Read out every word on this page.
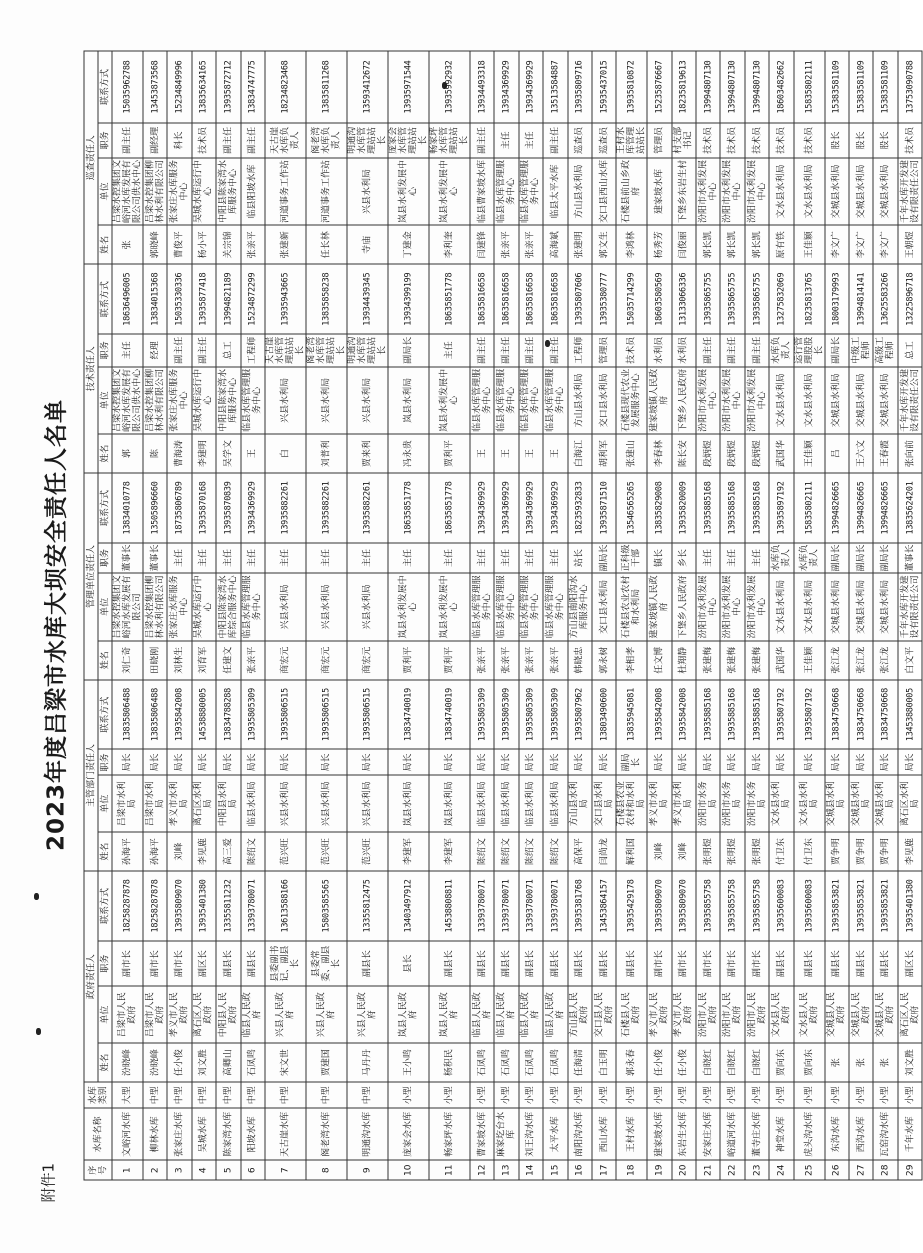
附件1
2023年度吕梁市水库大坝安全责任人名单
序号	水库名称	水库类别	政府责任人				主管部门责任人				管理单位责任人				技术责任人				巡查责任人			
			姓名	单位	职务	联系方式	姓名	单位	职务	联系方式	姓名	单位	职务	联系方式	姓名	单位	职务	联系方式	姓名	单位	职务	联系方式
1	文峪河水库	大型	汾晓峰	吕梁市人民政府	副市长	18258287878	孙海平	吕梁市水利局	局长	13835806488	刘仁奇	吕梁水控集团文峪河水库发展有限公司	董事长	13834010778	郭	吕梁水控集团文峪河水库发展有限公司供水中心	主任	18636496005	张	吕梁水控集团文峪河水库发展有限公司供水中心	副主任	15035962788
2	柳林水库	中型	汾晓峰	吕梁市人民政府	副市长	18258287878	孙海平	吕梁市水利局	局长	13835806488	田晓刚	吕梁水控集团柳林水利有限公司	董事长	13505896660	陈	吕梁水控集团柳林水利有限公司	经理	13834015368	郭晓峰	吕梁水控集团柳林水利有限公司	副经理	13453873568
3	张家庄水库	中型	任小俊	孝义市人民政府	副市长	13935809070	刘峰	孝义市水利局	局长	13935842008	刘林生	张家庄水库服务中心	主任	18735806789	曹海涛	张家庄水库服务中心	副主任	15035330336	曹俊平	张家庄水库服务中心	科长	15234849996
4	吴城水库	中型	刘文胜	离石区人民政府	副区长	13935401380	李见鹿	离石区水利局	局长	14538880005	刘育军	吴城水库运行中心	主任	13935870168	李建明	吴城水库运行中心	副主任	13935877418	杨小平	吴城水库运行中心	技术员	13835634165
5	陈家湾水库	中型	高卿山	中阳县人民政府	副县长	13355811232	高三爱	中阳县水利局	局长	13834788288	任建文	中阳县陈家湾水库综合服务中心	主任	13935870839	吴学文	中阳县陈家湾水库服务中心	总工	13994821189	关宗锦	中阳县陈家湾水库服务中心	副主任	13935872712
6	阳坡水库	中型	石凤鸣	临县人民政府	副县长	13393780071	陈绍文	临县水利局	局长	13935805309	张亲平	临县水库管理服务中心	主任	13934369929	王	临县水库管理服务中心	工程师	15234872299	张亲平	临县阳坡水库	副主任	13834747775
7	天古崖水库	中型	宋文世	兴县人民政府	县委副书记、副县长	13613588166	范兴旺	兴县水利局	局长	13935806515	商宏元	兴县水利局	主任	13935882261	白	兴县水利局	天古崖水库管理站站长	13935943665	张建新	河道事务工作站	天古崖水库负责人	18234823468
8	阁老湾水库	中型	贾建国	兴县人民政府	县委常委、副县长	15803585565	范兴旺	兴县水利局	局长	13935806515	商宏元	兴县水利局	主任	13935882261	刘普利	兴县水利局	阁老湾水库管理站站长	13835858238	任长林	河道事务工作站	阁老湾水库负责人	13835811268
9	明通沟水库	中型	马丹丹	兴县人民政府	副县长	13355812475	范兴旺	兴县水利局	局长	13935806515	商宏元	兴县水利局	主任	13935882261	贾来利	兴县水利局	明通沟水库管理站站长	13934439345	寺庙	兴县水利局	明通沟水库管理站站长	13593412672
10	庞家会水库	小型	王小鸣	岚县人民政府	县长	13403497912	李建军	岚县水利局	局长	13834740019	贾利平	岚县水利发展中心	主任	18635851778	冯永贵	岚县水利局	副局长	13934399199	丁建金	岚县水利发展中心	庞家会水库管理站站长	13935971544
11	畅家坪水库	小型	杨积民	岚县人民政府	副县长	14538808811	李建军	岚县水利局	局长	13834740019	贾利平	岚县水利发展中心	主任	18635851778	贾利平	岚县水利发展中心	主任	18635851778	李利奎	岚县水利发展中心	畅家坪水库管理站站长	13935992932
12	曹家坡水库	小型	石凤鸣	临县人民政府	副县长	13393780071	陈绍文	临县水利局	局长	13935805309	张亲平	临县水库管理服务中心	主任	13934369929	王	临县水库管理服务中心	副主任	18635816658	闫建锋	临县曹家坡水库	副主任	13934493318
13	麻家圪台水库	小型	石凤鸣	临县人民政府	副县长	13393780071	陈绍文	临县水利局	局长	13935805309	张亲平	临县水库管理服务中心	主任	13934369929	王	临县水库管理服务中心	副主任	18635816658	张亲平	临县水库管理服务中心	主任	13934369929
14	刘王沟水库	小型	石凤鸣	临县人民政府	副县长	13393780071	陈绍文	临县水利局	局长	13935805309	张亲平	临县水库管理服务中心	主任	13934369929	王	临县水库管理服务中心	副主任	18635816658	张亲平	临县水库管理服务中心	主任	13934369929
15	太平水库	小型	石凤鸣	临县人民政府	副县长	13393780071	陈绍文	临县水利局	局长	13935805309	张亲平	临县水库管理服务中心	主任	13934369929	王	临县水库管理服务中心	副主任	18635816658	高海斌	临县太平水库	副主任	13513584887
16	南阳沟水库	小型	任海清	方山县人民政府	副县长	13935381768	高保平	方山县水利局	局长	13935807962	韩晓忠	方山县南阳沟水库服务中心	站长	18235932833	白海江	方山县水利局	工程师	13935807606	张建明	方山县水利局	巡查员	13935809716
17	西山水库	小型	白玉明	交口县人民政府	副县长	13453864157	闫尚龙	交口县水利局	局长	13803490600	郭永树	交口县水利局	副局长	13935871510	胡利军	交口县水利局	管理员	13935380777	郭文生	交口县西山水库	巡查员	15935437015
18	王村水库	小型	郭永春	石楼县人民政府	副县长	13935429178	解利国	石楼县农业农村和水利局	副局长	13835945081	李相孝	石楼县农业农村和水利局	正科级干部	13546565265	张建山	石楼县现代农业发展服务中心	技术员	15035714299	李鸿林	石楼县前山乡政府	王村水库管理站站长	13935810872
19	建家坡水库	小型	任小俊	孝义市人民政府	副市长	13935809070	刘峰	孝义市水利局	局长	13935842008	任文博	建家坡镇人民政府	镇长	13835829008	李春林	建家坡镇人民政府	水利员	18603580569	杨秀芳	建家坡水库	管理员	15235876667
20	东岩生水库	小型	任小俊	孝义市人民政府	副市长	13935809070	刘峰	孝义市水利局	局长	13935842008	杜翔静	下堡乡人民政府	乡长	13935820009	陈长安	下堡乡人民政府	水利员	13133066336	闫俊丽	下堡乡东岩生村	村支部书记	18235819613
21	安家庄水库	小型	白晓红	汾阳市人民政府	副市长	13935855758	张明煜	汾阳市水务局	局长	13935885168	张建梅	汾阳市水利发展中心	主任	13935885168	段炳煜	汾阳市水利发展中心	副主任	13935865755	郭长凯	汾阳市水利发展中心	技术员	13994807130
22	峪道河水库	小型	白晓红	汾阳市人民政府	副市长	13935855758	张明煜	汾阳市水务局	局长	13935885168	张建梅	汾阳市水利发展中心	主任	13935885168	段炳煜	汾阳市水利发展中心	副主任	13935865755	郭长凯	汾阳市水利发展中心	技术员	13994807130
23	董寺庄水库	小型	白晓红	汾阳市人民政府	副市长	13935855758	张明煜	汾阳市水务局	局长	13935885168	张建梅	汾阳市水利发展中心	主任	13935885168	段炳煜	汾阳市水利发展中心	副主任	13935865755	郭长凯	汾阳市水利发展中心	技术员	13994807130
24	神堂水库	小型	贾向东	文水县人民政府	副县长	13935600083	付卫东	文水县水利局	局长	13935807192	武国华	文水县水利局	水库负责人	13935897192	武国华	文水县水利局	水库负责人	13275832069	原有铁	文水县水利局	技术员	18603482662
25	虎头沟水库	小型	贾向东	文水县人民政府	副县长	13935600083	付卫东	文水县水利局	局长	13935807192	王佳颖	文水县水利局	水库负责人	15835802111	王佳颖	文水县水利局	运行管理股股长	18235813765	王佳颖	文水县水利局	技术员	15835802111
26	东沟水库	小型	张	交城县人民政府	副县长	13935853821	贾争明	交城县水利局	局长	13834750668	张江龙	交城县水利局	副局长	13994826665	吕	交城县水利局	副局长	18003179993	李文广	交城县水利局	股长	15383581109
27	西沟水库	小型	张	交城县人民政府	副县长	13935853821	贾争明	交城县水利局	局长	13834750668	张江龙	交城县水利局	副局长	13994826665	王六文	交城县水利局	中级工程师	13994814141	李文广	交城县水利局	股长	15383581109
28	瓦窑沟水库	小型	张	交城县人民政府	副县长	13935853821	贾争明	交城县水利局	局长	13834750668	张江龙	交城县水利局	副局长	13994826665	王春霞	交城县水利局	高级工程师	13625583266	李文广	交城县水利局	股长	15383581109
29	千年水库	小型	刘文胜	离石区人民政府	副区长	13935401380	李见鹿	离石区水利局	局长	13453880005	白文平	千年水库开发建设有限责任公司	董事长	13835624201	张向前	千年水库开发建设有限责任公司	总工	13225896718	王朝煜	千年水库开发建设有限责任公司	技术员	13753090788
